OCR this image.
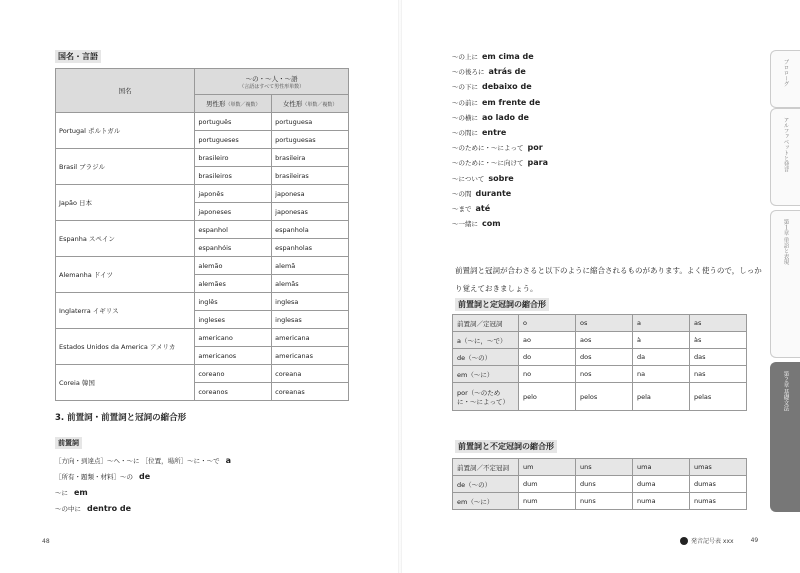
国名・言語
国名	〜の・〜人・〜語
（言語はすべて男性形単数）	

	男性形（単数／複数）	女性形（単数／複数）
Portugal ポルトガル	português	portuguesa
	portugueses	portuguesas
Brasil ブラジル	brasileiro	brasileira
	brasileiros	brasileiras
Japão 日本	japonês	japonesa
	japoneses	japonesas
Espanha スペイン	espanhol	espanhola
	espanhóis	espanholas
Alemanha ドイツ	alemão	alemã
	alemães	alemãs
Inglaterra イギリス	inglês	inglesa
	ingleses	inglesas
Estados Unidos da America アメリカ	americano	americana
	americanos	americanas
Coreia 韓国	coreano	coreana
	coreanos	coreanas
3. 前置詞・前置詞と冠詞の縮合形
前置詞
［方向・到達点］〜へ・〜に ［位置，場所］〜に・〜で a
［所有・題類・材料］〜の de
〜に em
〜の中に dentro de
48
〜の上に em cima de
〜の後ろに atrás de
〜の下に debaixo de
〜の前に em frente de
〜の横に ao lado de
〜の間に entre
〜のために・〜によって por
〜のために・〜に向けて para
〜について sobre
〜の間 durante
〜まで até
〜一緒に com
前置詞と冠詞が合わさると以下のように縮合されるものがあります。よく使うので，しっかり覚えておきましょう。
前置詞と定冠詞の縮合形
前置詞／定冠詞	o	os	a	as
a（〜に，〜で）	ao	aos	à	às
de（〜の）	do	dos	da	das
em（〜に）	no	nos	na	nas
por（〜のために・〜によって）	pelo	pelos	pela	pelas
前置詞と不定冠詞の縮合形
前置詞／不定冠詞	um	uns	uma	umas
de（〜の）	dum	duns	duma	dumas
em（〜に）	num	nuns	numa	numas
発音記号表 xxx	49
プロローグ
アルファベットと発音
第１章 単語と表現
第２章 基礎文法
